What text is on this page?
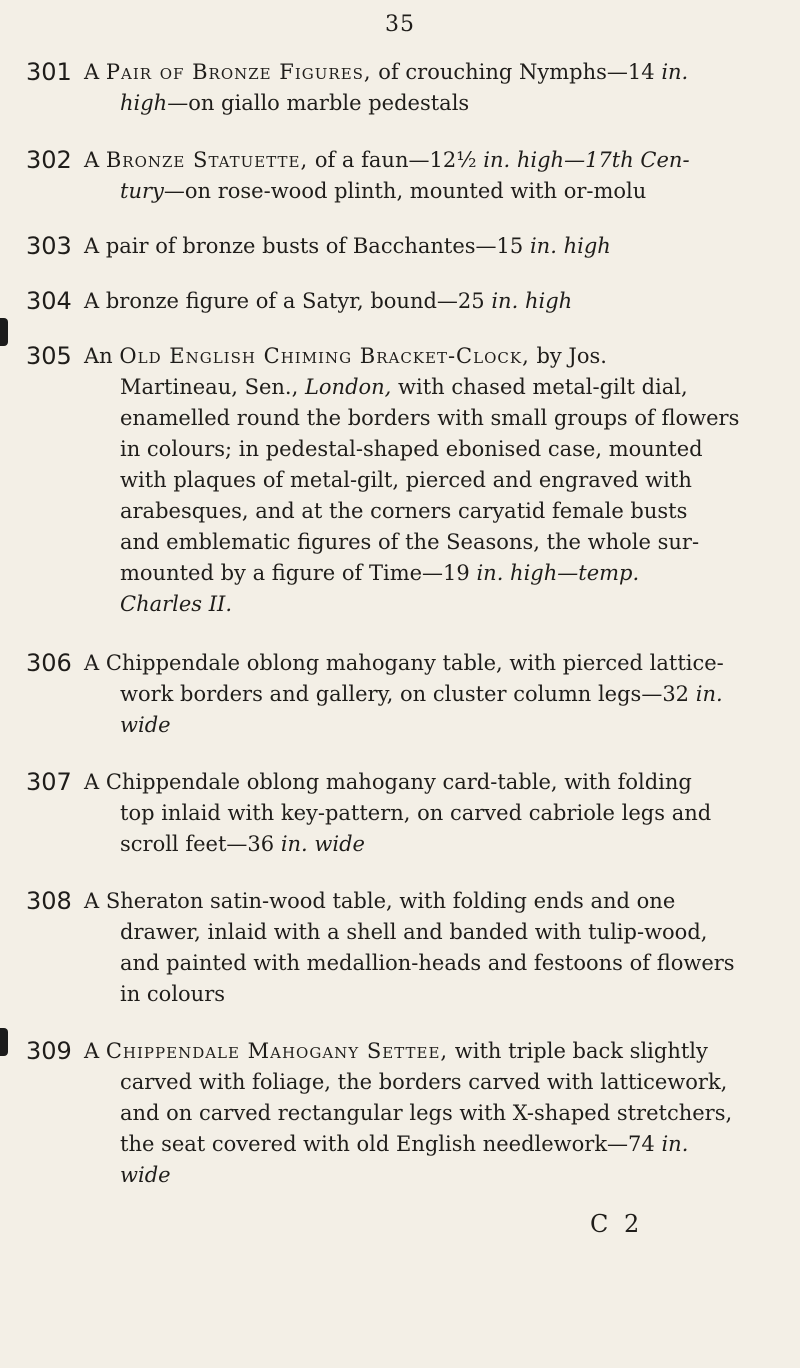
35
301 A Pair of Bronze Figures, of crouching Nymphs—14 in.
high—on giallo marble pedestals
302 A Bronze Statuette, of a faun—12½ in. high—17th Cen-
tury—on rose-wood plinth, mounted with or-molu
303 A pair of bronze busts of Bacchantes—15 in. high
304 A bronze figure of a Satyr, bound—25 in. high
305 An Old English Chiming Bracket-Clock, by Jos.
Martineau, Sen., London, with chased metal-gilt dial,
enamelled round the borders with small groups of flowers
in colours; in pedestal-shaped ebonised case, mounted
with plaques of metal-gilt, pierced and engraved with
arabesques, and at the corners caryatid female busts
and emblematic figures of the Seasons, the whole sur-
mounted by a figure of Time—19 in. high—temp.
Charles II.
306 A Chippendale oblong mahogany table, with pierced lattice-
work borders and gallery, on cluster column legs—32 in.
wide
307 A Chippendale oblong mahogany card-table, with folding
top inlaid with key-pattern, on carved cabriole legs and
scroll feet—36 in. wide
308 A Sheraton satin-wood table, with folding ends and one
drawer, inlaid with a shell and banded with tulip-wood,
and painted with medallion-heads and festoons of flowers
in colours
309 A Chippendale Mahogany Settee, with triple back slightly
carved with foliage, the borders carved with latticework,
and on carved rectangular legs with X-shaped stretchers,
the seat covered with old English needlework—74 in.
wide
C 2
